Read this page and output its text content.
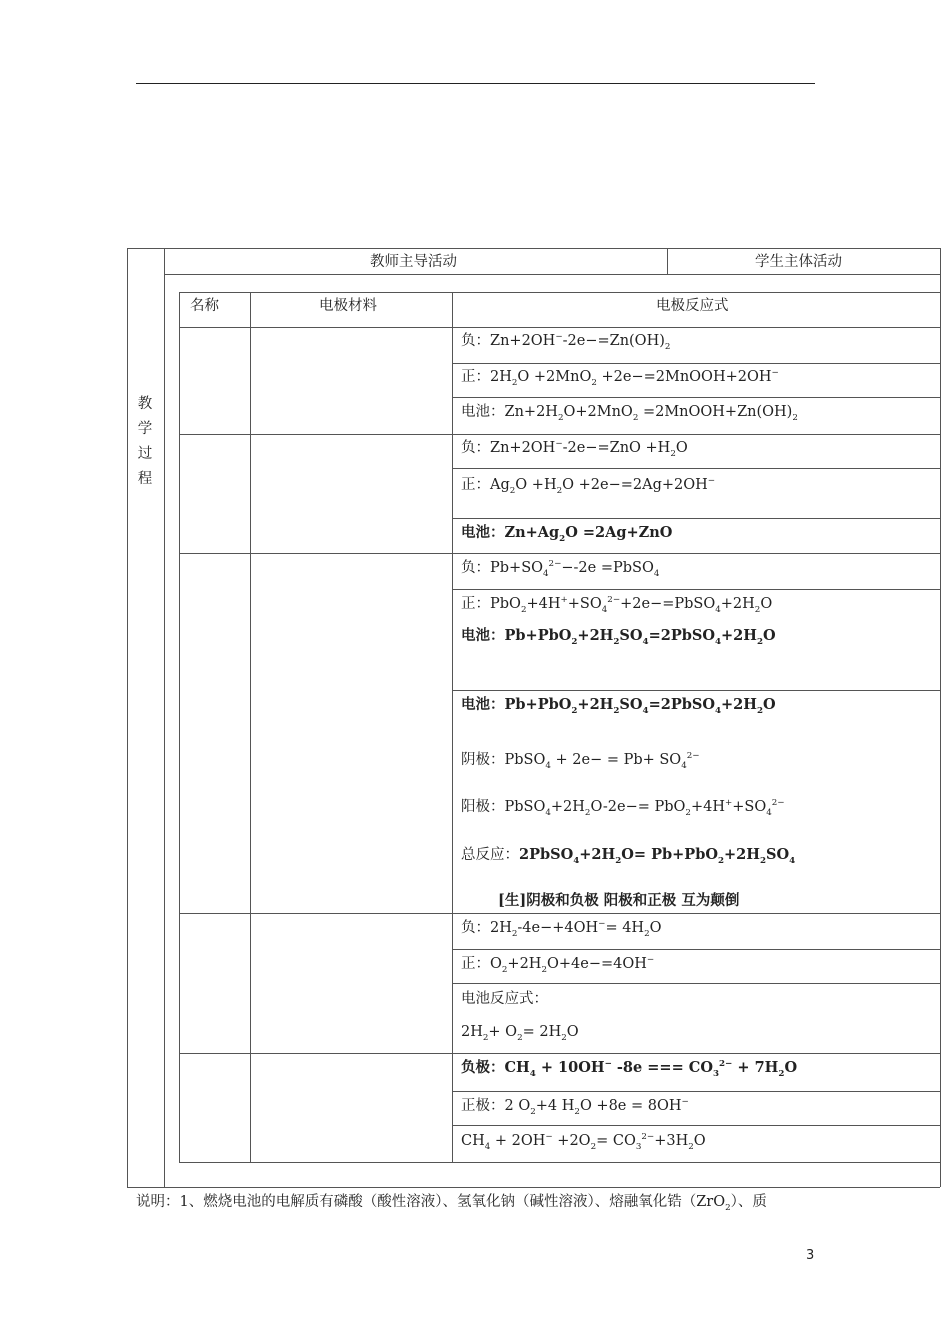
教师主导活动	学生主体活动
教
学
过
程
名称	电极材料	电极反应式
负：$Zn+2OH^--2e-=Zn(OH)_2$
正：$2H_2O +2MnO_2$ +2e−=2MnOOH+2OH−
电池：$Zn+2H_2O+2MnO_2$ $=2MnOOH+Zn(OH)_2$
负：$Zn+2OH^--2e-=ZnO +H_2O$
正：$Ag_2O +H_2O +2e-=2Ag+2OH^-$
电池：$Zn+Ag_2O =2Ag+ZnO$
负：$Pb+SO_4^{2-}--2e$ =PbSO$_4$
正：$PbO_2+4H^++SO_4^{2-}+2e-=PbSO_4+2H_2O$
电池：$Pb+PbO_2+2H_2SO_4=2PbSO_4+2H_2O$
电池：$Pb+PbO_2+2H_2SO_4=2PbSO_4+2H_2O$
阴极：PbSO$_4$ + $2e- = Pb+ SO_4^{2-}$
阳极：$PbSO_4+2H_2O-2e-= PbO_2+4H^++SO_4^{2-}$
总反应：$2PbSO_4+2H_2O= Pb+PbO_2+2H_2SO_4$
[生]阴极和负极 阳极和正极 互为颠倒
负：$2H_2-4e-+4OH^-= 4H_2O$
正：$O_2+2H_2O+4e-=4OH^-$
电池反应式：
$2H_2+ O_2= 2H_2O$
负极：$CH_4 + 10OH^-$ -8e === $CO_3^{2-} + 7H_2O$
正极：2 $O_2+4$ $H_2O +8e = 8OH^-$
$CH_4 + 2OH^- +2O_2= CO_3^{2-}+3H_2O$
说明：1、燃烧电池的电解质有磷酸（酸性溶液）、氢氧化钠（碱性溶液）、熔融氧化锆（ZrO$_2$）、质
3
